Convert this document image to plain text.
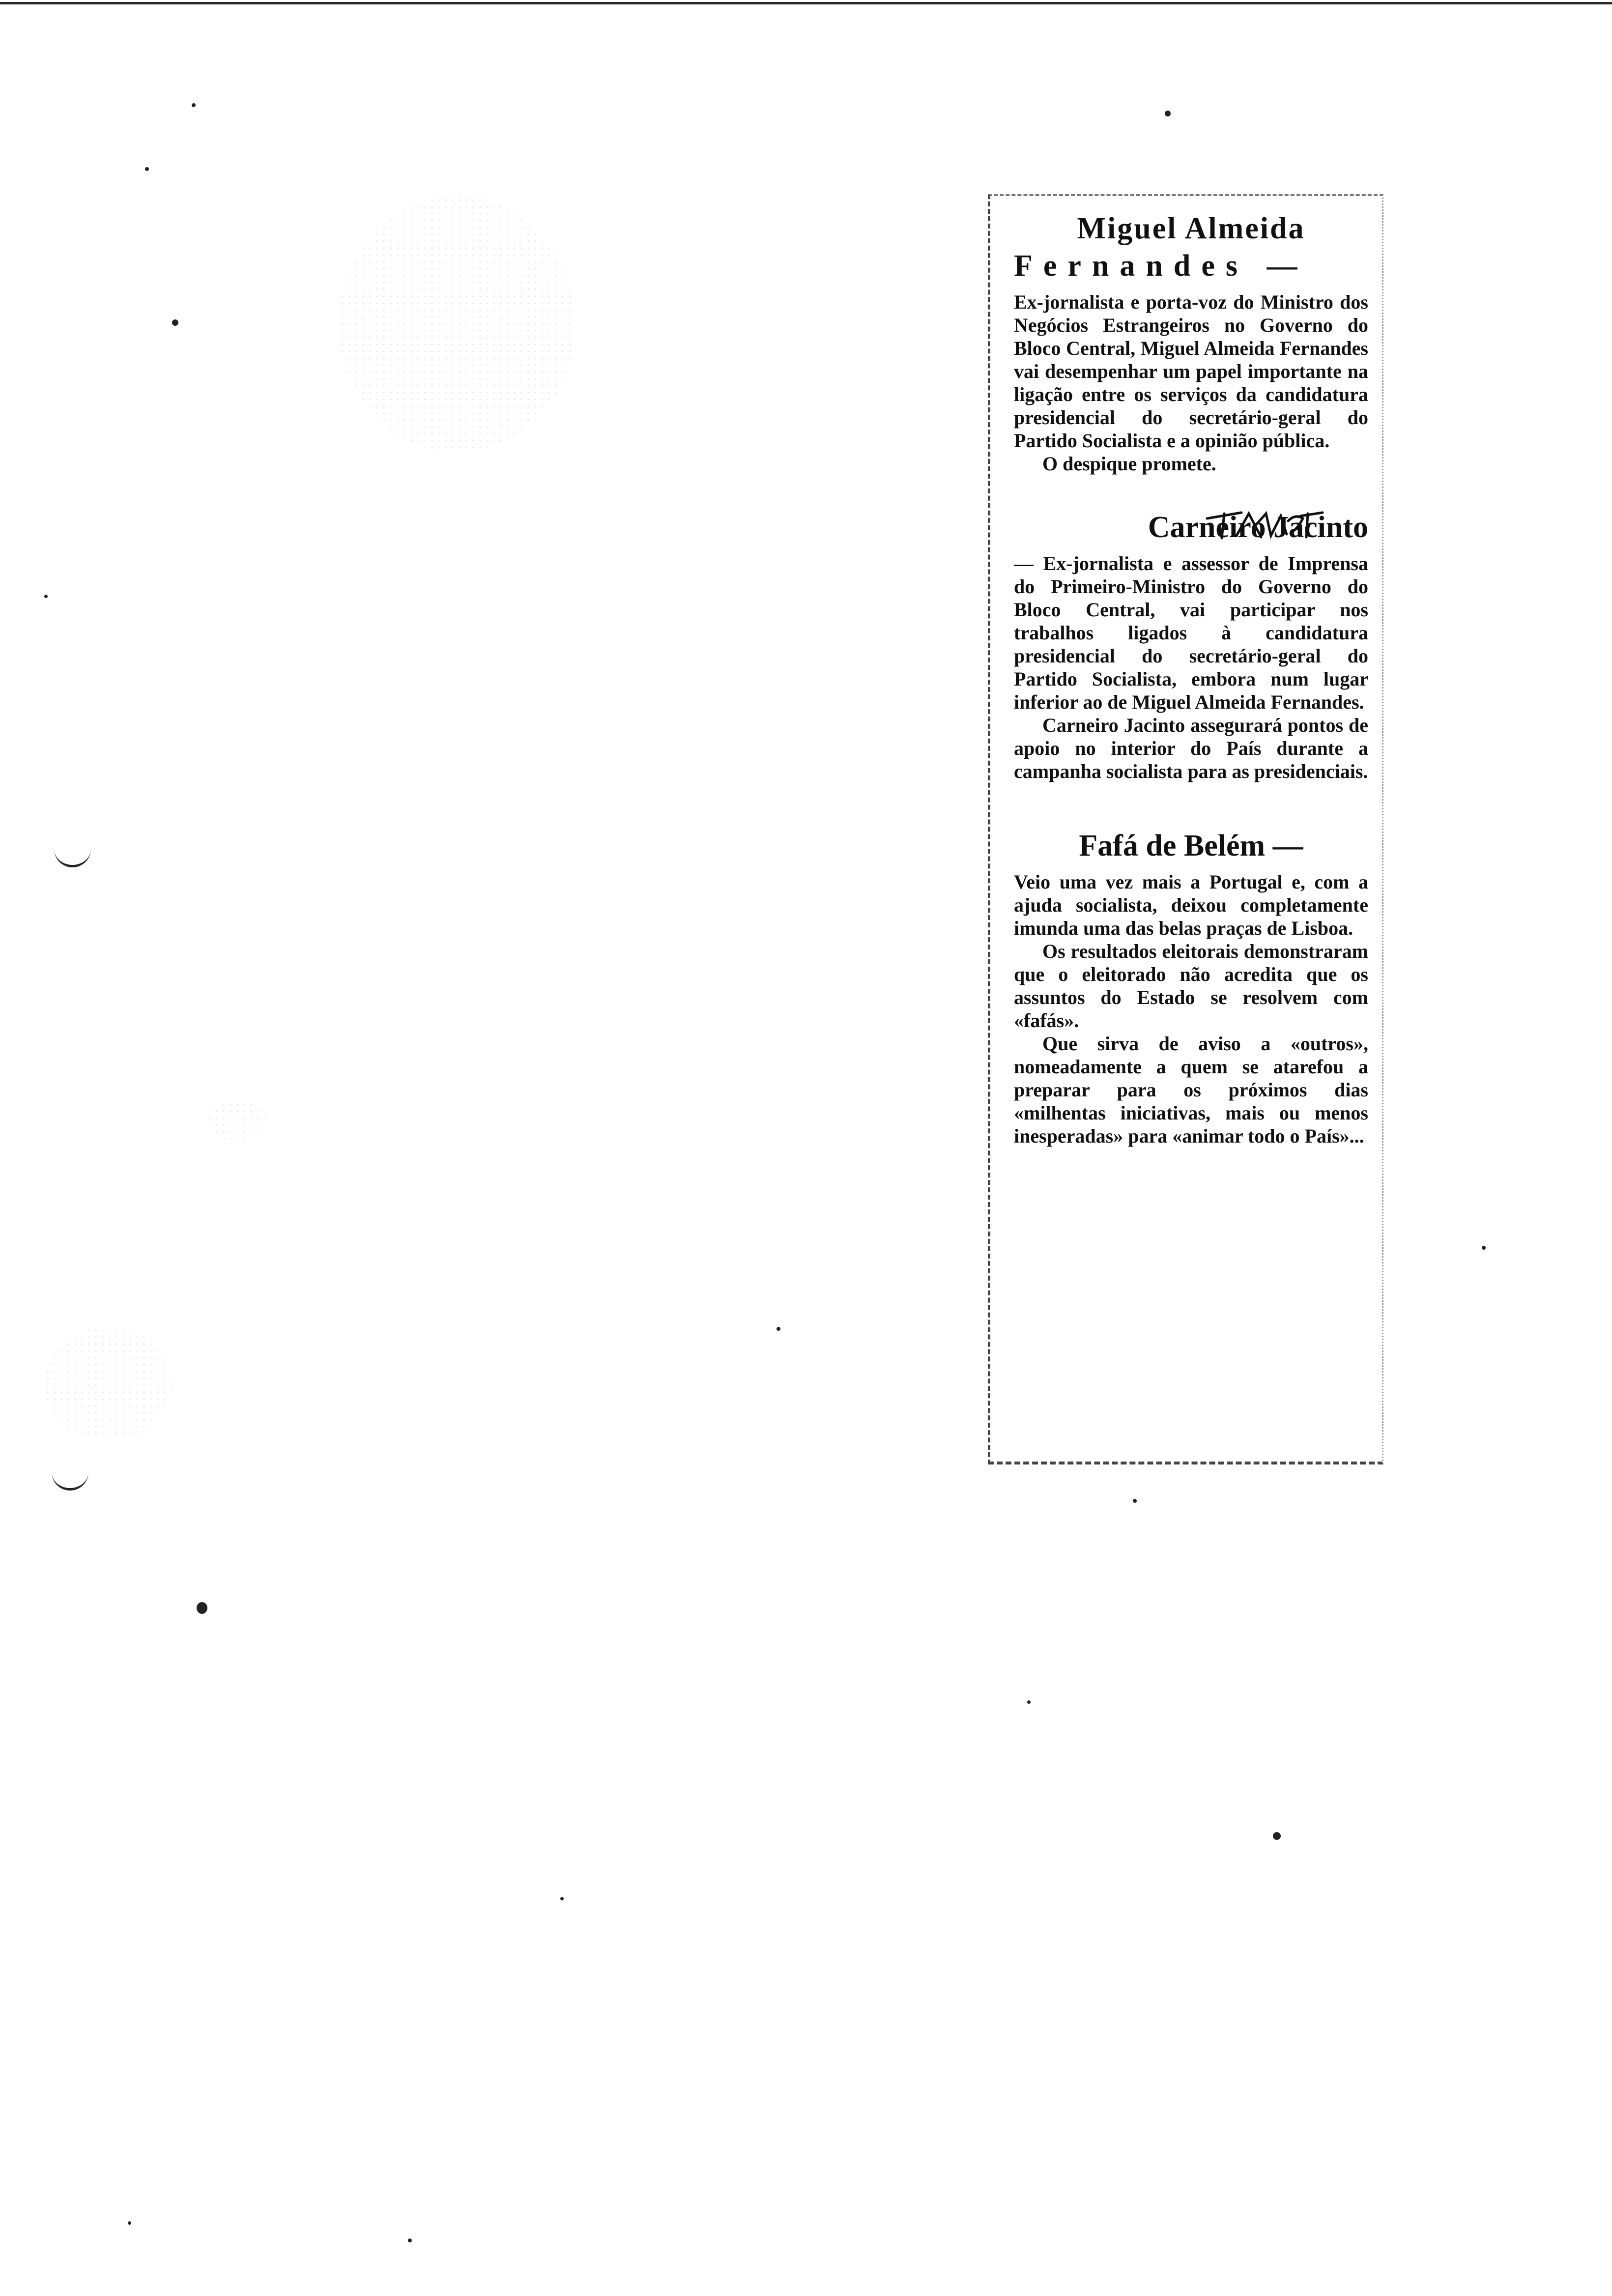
Miguel Almeida
Fernandes —

Ex-jornalista e porta-voz do Ministro dos Negócios Estrangeiros no Governo do Bloco Central, Miguel Almeida Fernandes vai desempenhar um papel importante na ligação entre os serviços da candidatura presidencial do secretário-geral do Partido Socialista e a opinião pública.

O despique promete.

Carneiro Jacinto

— Ex-jornalista e assessor de Imprensa do Primeiro-Ministro do Governo do Bloco Central, vai participar nos trabalhos ligados à candidatura presidencial do secretário-geral do Partido Socialista, embora num lugar inferior ao de Miguel Almeida Fernandes.

Carneiro Jacinto assegurará pontos de apoio no interior do País durante a campanha socialista para as presidenciais.

Fafá de Belém —

Veio uma vez mais a Portugal e, com a ajuda socialista, deixou completamente imunda uma das belas praças de Lisboa.

Os resultados eleitorais demonstraram que o eleitorado não acredita que os assuntos do Estado se resolvem com «fafás».

Que sirva de aviso a «outros», nomeadamente a quem se atarefou a preparar para os próximos dias «milhentas iniciativas, mais ou menos inesperadas» para «animar todo o País»...
